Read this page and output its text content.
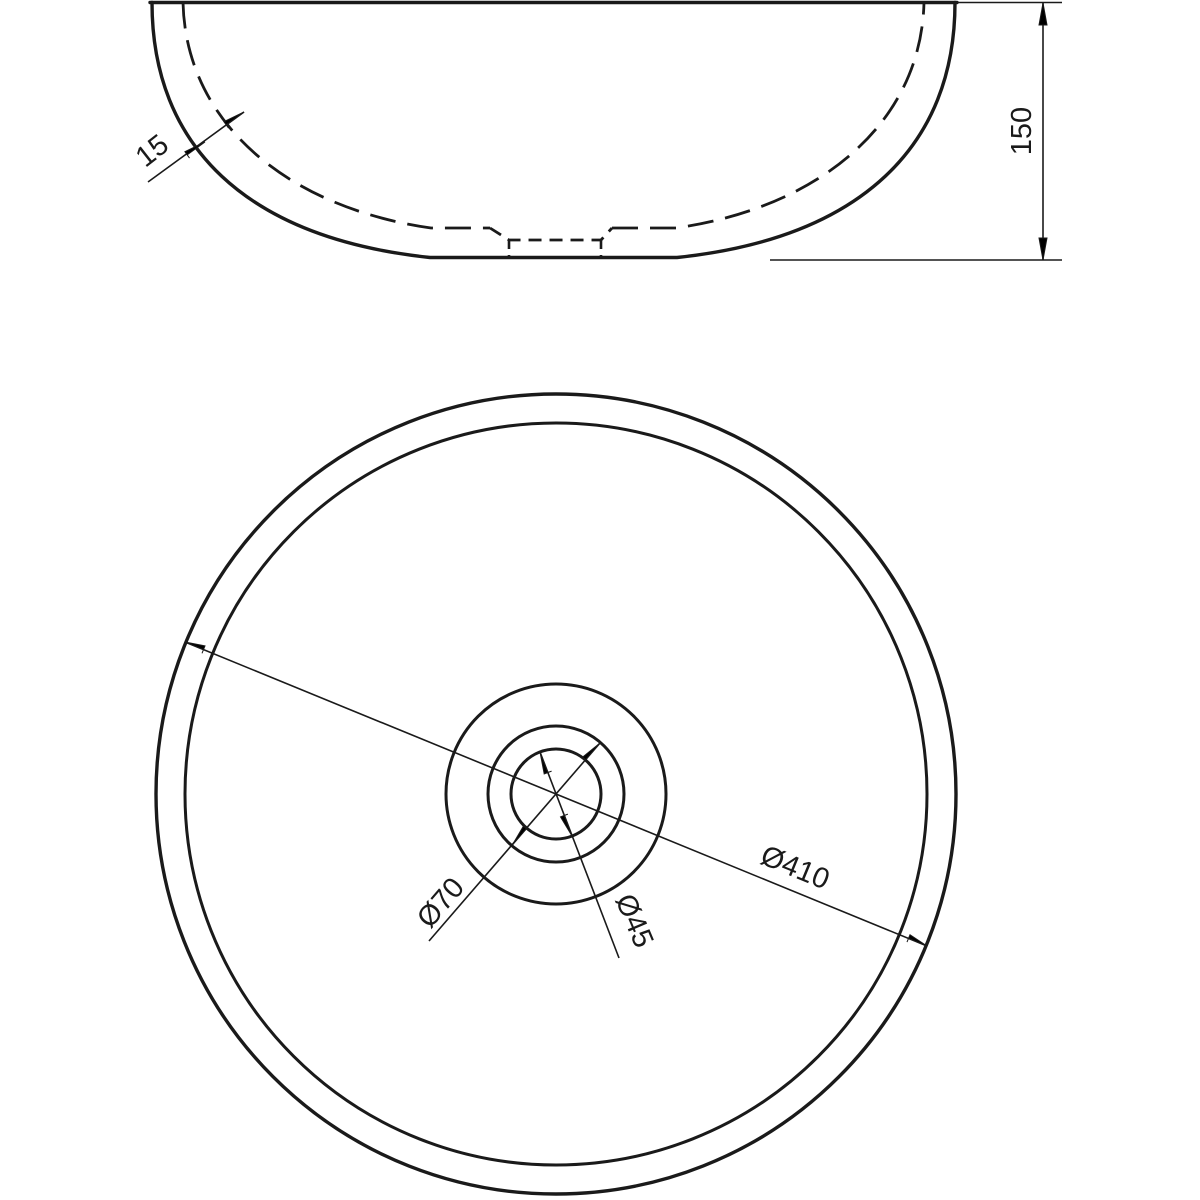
15	150
Ø410
Ø70	Ø45
